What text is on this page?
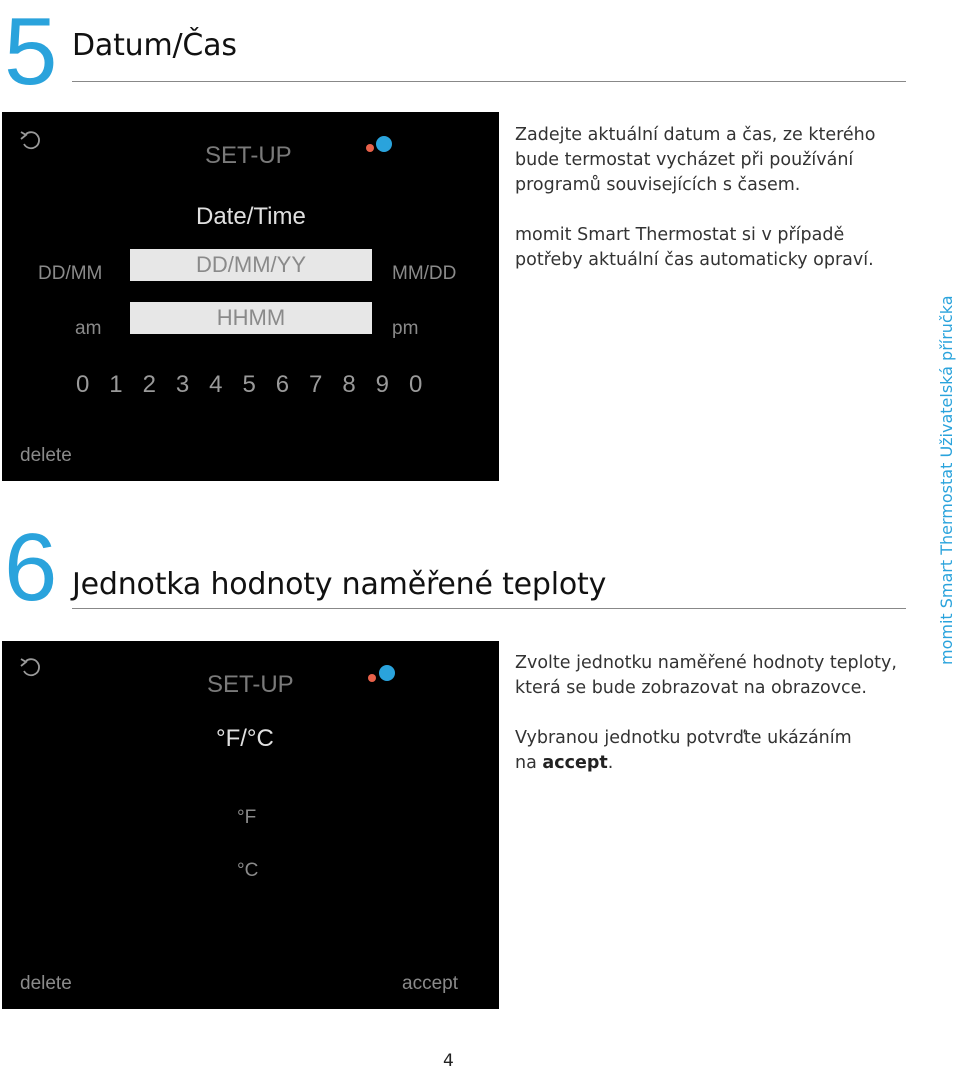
5 Datum/Čas
SET-UP
Date/Time
DD/MM	DD/MM/YY	MM/DD
am	HHMM	pm
0 1 2 3 4 5 6 7 8 9 0
delete
Zadejte aktuální datum a čas, ze kterého bude termostat vycházet při používání programů souvisejících s časem.
momit Smart Thermostat si v případě potřeby aktuální čas automaticky opraví.
6 Jednotka hodnoty naměřené teploty
SET-UP
°F/°C
°F
°C
delete	accept
Zvolte jednotku naměřené hodnoty teploty, která se bude zobrazovat na obrazovce.
Vybranou jednotku potvrďte ukázáním na accept.
momit Smart Thermostat Uživatelská příručka
4
